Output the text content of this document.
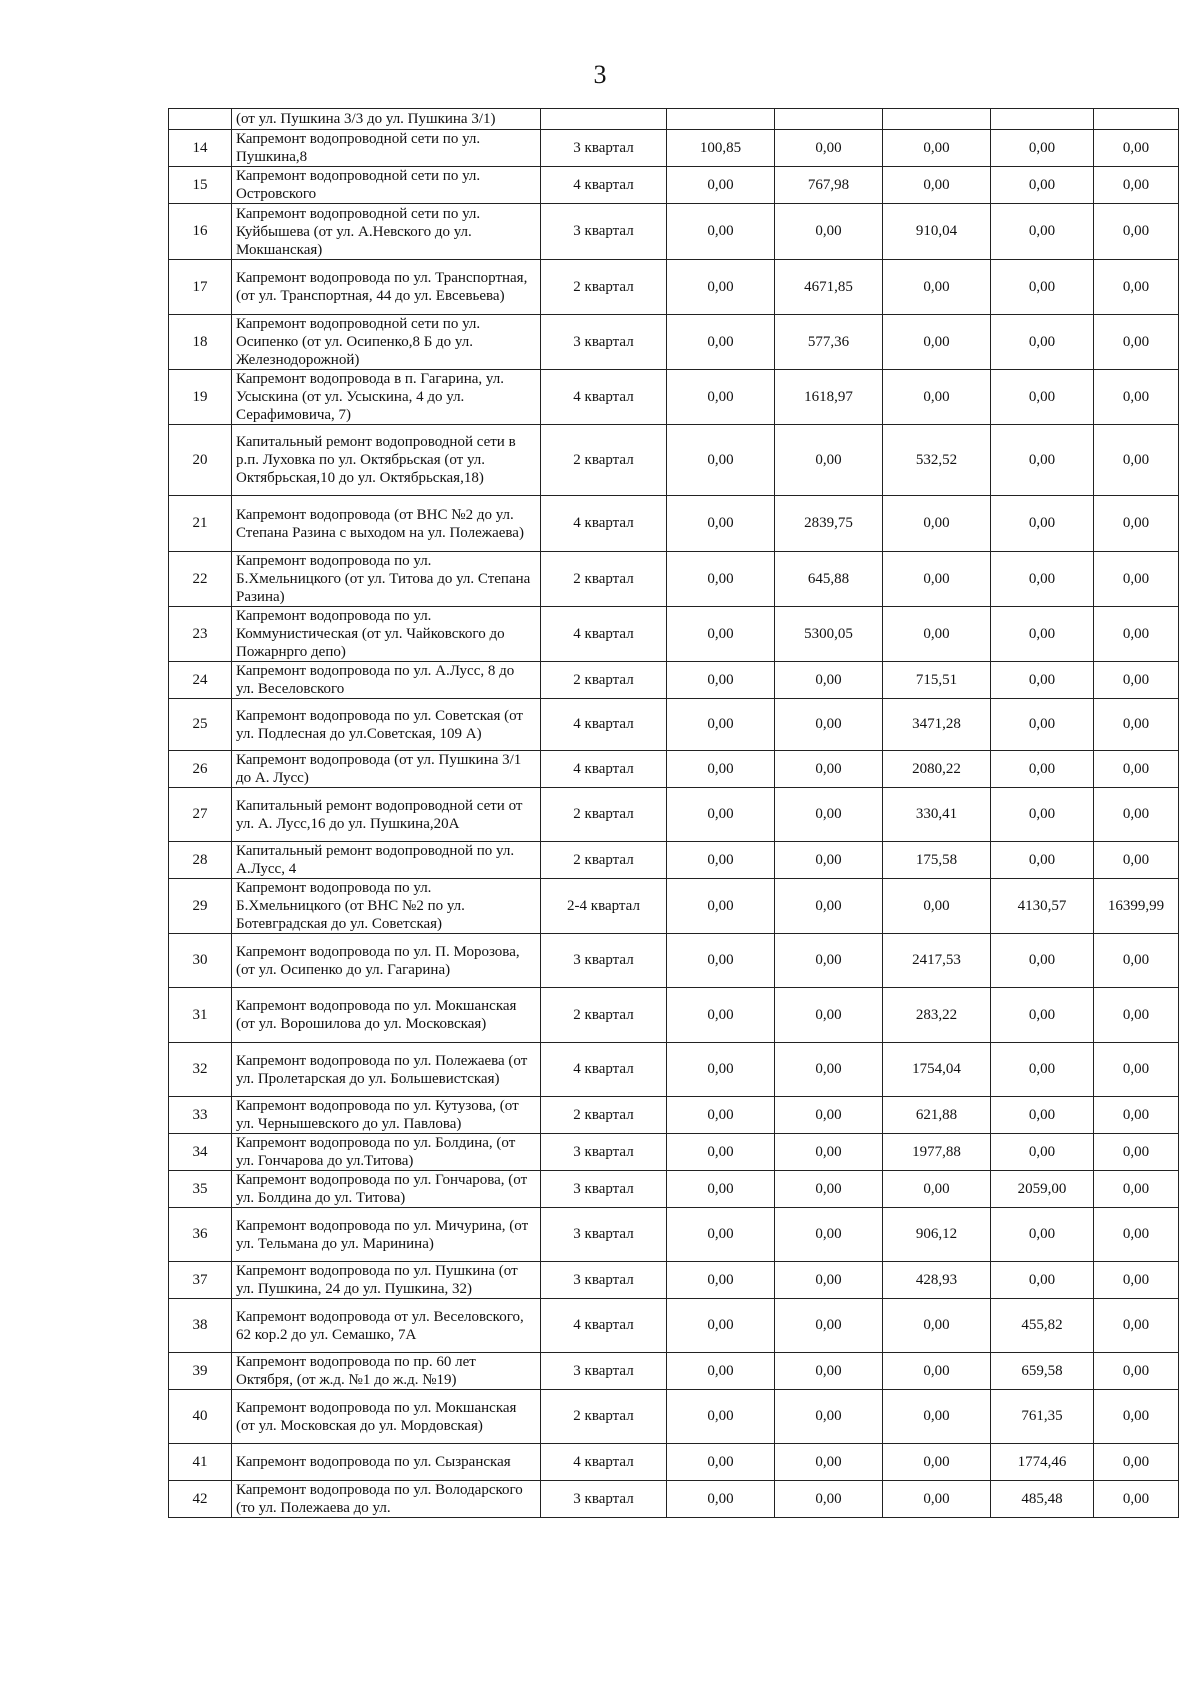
3
	(от ул. Пушкина 3/3 до ул. Пушкина 3/1)						
14	Капремонт водопроводной сети по ул. Пушкина,8	3 квартал	100,85	0,00	0,00	0,00	0,00
15	Капремонт водопроводной сети по ул. Островского	4 квартал	0,00	767,98	0,00	0,00	0,00
16	Капремонт водопроводной сети по ул. Куйбышева (от ул. А.Невского до ул. Мокшанская)	3 квартал	0,00	0,00	910,04	0,00	0,00
17	Капремонт водопровода по ул. Транспортная, (от ул. Транспортная, 44 до ул. Евсевьева)	2 квартал	0,00	4671,85	0,00	0,00	0,00
18	Капремонт водопроводной сети по ул. Осипенко (от ул. Осипенко,8 Б до ул. Железнодорожной)	3 квартал	0,00	577,36	0,00	0,00	0,00
19	Капремонт водопровода в п. Гагарина, ул. Усыскина (от ул. Усыскина, 4 до ул. Серафимовича, 7)	4 квартал	0,00	1618,97	0,00	0,00	0,00
20	Капитальный ремонт водопроводной сети в р.п. Луховка по ул. Октябрьская (от ул. Октябрьская,10 до ул. Октябрьская,18)	2 квартал	0,00	0,00	532,52	0,00	0,00
21	Капремонт водопровода (от ВНС №2 до ул. Степана Разина с выходом на ул. Полежаева)	4 квартал	0,00	2839,75	0,00	0,00	0,00
22	Капремонт водопровода по ул. Б.Хмельницкого (от ул. Титова до ул. Степана Разина)	2 квартал	0,00	645,88	0,00	0,00	0,00
23	Капремонт водопровода по ул. Коммунистическая (от ул. Чайковского до Пожарнрго депо)	4 квартал	0,00	5300,05	0,00	0,00	0,00
24	Капремонт водопровода по ул. А.Лусс, 8 до ул. Веселовского	2 квартал	0,00	0,00	715,51	0,00	0,00
25	Капремонт водопровода по ул. Советская (от ул. Подлесная до ул.Советская, 109 А)	4 квартал	0,00	0,00	3471,28	0,00	0,00
26	Капремонт водопровода (от ул. Пушкина 3/1 до А. Лусс)	4 квартал	0,00	0,00	2080,22	0,00	0,00
27	Капитальный ремонт водопроводной сети от ул. А. Лусс,16 до ул. Пушкина,20А	2 квартал	0,00	0,00	330,41	0,00	0,00
28	Капитальный ремонт водопроводной по ул. А.Лусс, 4	2 квартал	0,00	0,00	175,58	0,00	0,00
29	Капремонт водопровода по ул. Б.Хмельницкого (от ВНС №2 по ул. Ботевградская до ул. Советская)	2-4 квартал	0,00	0,00	0,00	4130,57	16399,99
30	Капремонт водопровода по ул. П. Морозова, (от ул. Осипенко до ул. Гагарина)	3 квартал	0,00	0,00	2417,53	0,00	0,00
31	Капремонт водопровода по ул. Мокшанская (от ул. Ворошилова до ул. Московская)	2 квартал	0,00	0,00	283,22	0,00	0,00
32	Капремонт водопровода по ул. Полежаева (от ул. Пролетарская до ул. Большевистская)	4 квартал	0,00	0,00	1754,04	0,00	0,00
33	Капремонт водопровода по ул. Кутузова, (от ул. Чернышевского до ул. Павлова)	2 квартал	0,00	0,00	621,88	0,00	0,00
34	Капремонт водопровода по ул. Болдина, (от ул. Гончарова до ул.Титова)	3 квартал	0,00	0,00	1977,88	0,00	0,00
35	Капремонт водопровода по ул. Гончарова, (от ул. Болдина до ул. Титова)	3 квартал	0,00	0,00	0,00	2059,00	0,00
36	Капремонт водопровода по ул. Мичурина, (от ул. Тельмана до ул. Маринина)	3 квартал	0,00	0,00	906,12	0,00	0,00
37	Капремонт водопровода по ул. Пушкина (от ул. Пушкина, 24 до ул. Пушкина, 32)	3 квартал	0,00	0,00	428,93	0,00	0,00
38	Капремонт водопровода от ул. Веселовского, 62 кор.2 до ул. Семашко, 7А	4 квартал	0,00	0,00	0,00	455,82	0,00
39	Капремонт водопровода по пр. 60 лет Октября, (от ж.д. №1 до ж.д. №19)	3 квартал	0,00	0,00	0,00	659,58	0,00
40	Капремонт водопровода по ул. Мокшанская (от ул. Московская до ул. Мордовская)	2 квартал	0,00	0,00	0,00	761,35	0,00
41	Капремонт водопровода по ул. Сызранская	4 квартал	0,00	0,00	0,00	1774,46	0,00
42	Капремонт водопровода по ул. Володарского (то ул. Полежаева до ул.	3 квартал	0,00	0,00	0,00	485,48	0,00
